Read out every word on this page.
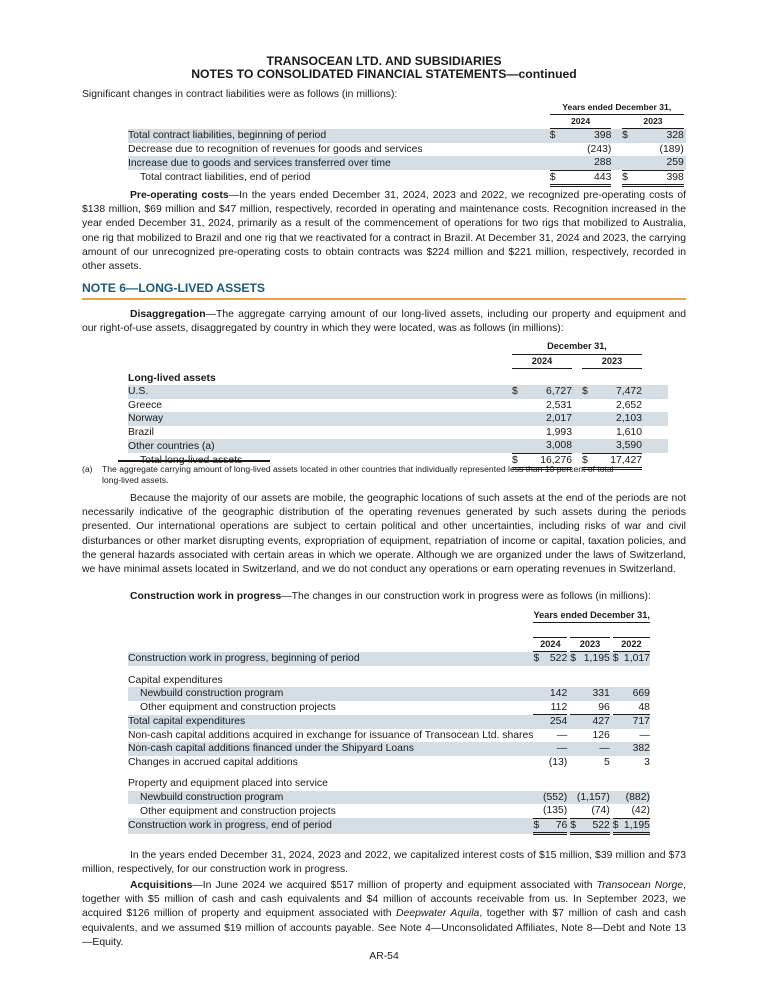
TRANSOCEAN LTD. AND SUBSIDIARIES
NOTES TO CONSOLIDATED FINANCIAL STATEMENTS—continued
Significant changes in contract liabilities were as follows (in millions):
	Years ended December 31,					
	2024			2023		
Total contract liabilities, beginning of period	$	398		$	328	
Decrease due to recognition of revenues for goods and services		(243)			(189)	
Increase due to goods and services transferred over time		288			259	
Total contract liabilities, end of period	$	443		$	398	
Pre-operating costs—In the years ended December 31, 2024, 2023 and 2022, we recognized pre-operating costs of $138 million, $69 million and $47 million, respectively, recorded in operating and maintenance costs. Recognition increased in the year ended December 31, 2024, primarily as a result of the commencement of operations for two rigs that mobilized to Australia, one rig that mobilized to Brazil and one rig that we reactivated for a contract in Brazil. At December 31, 2024 and 2023, the carrying amount of our unrecognized pre-operating costs to obtain contracts was $224 million and $221 million, respectively, recorded in other assets.
NOTE 6—LONG-LIVED ASSETS
Disaggregation—The aggregate carrying amount of our long-lived assets, including our property and equipment and our right-of-use assets, disaggregated by country in which they were located, was as follows (in millions):
	December 31,					
	2024			2023		
Long-lived assets						
U.S.	$	6,727		$	7,472	
Greece		2,531			2,652	
Norway		2,017			2,103	
Brazil		1,993			1,610	
Other countries (a)		3,008			3,590	
Total long-lived assets	$	16,276		$	17,427	
(a) The aggregate carrying amount of long-lived assets located in other countries that individually represented less than 10 percent of total long-lived assets.
Because the majority of our assets are mobile, the geographic locations of such assets at the end of the periods are not necessarily indicative of the geographic distribution of the operating revenues generated by such assets during the periods presented. Our international operations are subject to certain political and other uncertainties, including risks of war and civil disturbances or other market disrupting events, expropriation of equipment, repatriation of income or capital, taxation policies, and the general hazards associated with certain areas in which we operate. Although we are organized under the laws of Switzerland, we have minimal assets located in Switzerland, and we do not conduct any operations or earn operating revenues in Switzerland.
Construction work in progress—The changes in our construction work in progress were as follows (in millions):
	Years ended December 31,							

	2024			2023			2022	
Construction work in progress, beginning of period	$	522		$	1,195		$	1,017

Capital expenditures								
Newbuild construction program		142			331			669
Other equipment and construction projects		112			96			48
Total capital expenditures		254			427			717
Non-cash capital additions acquired in exchange for issuance of Transocean Ltd. shares		—			126			—
Non-cash capital additions financed under the Shipyard Loans		—			—			382
Changes in accrued capital additions		(13)			5			3

Property and equipment placed into service								
Newbuild construction program		(552)			(1,157)			(882)
Other equipment and construction projects		(135)			(74)			(42)
Construction work in progress, end of period	$	76		$	522		$	1,195
In the years ended December 31, 2024, 2023 and 2022, we capitalized interest costs of $15 million, $39 million and $73 million, respectively, for our construction work in progress.
Acquisitions—In June 2024 we acquired $517 million of property and equipment associated with Transocean Norge, together with $5 million of cash and cash equivalents and $4 million of accounts receivable from us. In September 2023, we acquired $126 million of property and equipment associated with Deepwater Aquila, together with $7 million of cash and cash equivalents, and we assumed $19 million of accounts payable. See Note 4—Unconsolidated Affiliates, Note 8—Debt and Note 13—Equity.
AR-54
